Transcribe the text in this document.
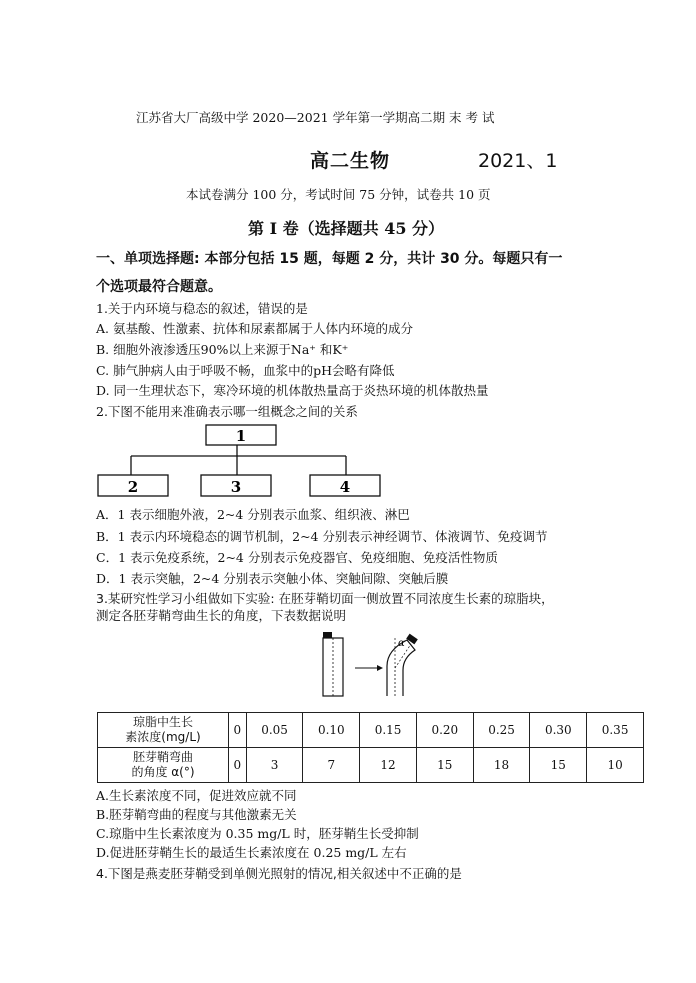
江苏省大厂高级中学 2020—2021 学年第一学期高二期 末 考 试
高二生物	2021、1
本试卷满分 100 分，考试时间 75 分钟，试卷共 10 页
第 I 卷（选择题共 45 分）
一、单项选择题: 本部分包括 15 题，每题 2 分，共计 30 分。每题只有一
个选项最符合题意。
1.关于内环境与稳态的叙述，错误的是
A. 氨基酸、性激素、抗体和尿素都属于人体内环境的成分
B. 细胞外液渗透压90%以上来源于Na⁺ 和K⁺
C. 肺气肿病人由于呼吸不畅，血浆中的pH会略有降低
D. 同一生理状态下，寒冷环境的机体散热量高于炎热环境的机体散热量
2.下图不能用来准确表示哪一组概念之间的关系
1
2	3	4
A．1 表示细胞外液，2~4 分别表示血浆、组织液、淋巴
B．1 表示内环境稳态的调节机制，2~4 分别表示神经调节、体液调节、免疫调节
C．1 表示免疫系统，2~4 分别表示免疫器官、免疫细胞、免疫活性物质
D．1 表示突触，2~4 分别表示突触小体、突触间隙、突触后膜
3.某研究性学习小组做如下实验: 在胚芽鞘切面一侧放置不同浓度生长素的琼脂块，
测定各胚芽鞘弯曲生长的角度，下表数据说明
α
琼脂中生长
素浓度(mg/L)	0	0.05	0.10	0.15	0.20	0.25	0.30	0.35
胚芽鞘弯曲
的角度 α(°)	0	3	7	12	15	18	15	10
A.生长素浓度不同，促进效应就不同
B.胚芽鞘弯曲的程度与其他激素无关
C.琼脂中生长素浓度为 0.35 mg/L 时，胚芽鞘生长受抑制
D.促进胚芽鞘生长的最适生长素浓度在 0.25 mg/L 左右
4.下图是燕麦胚芽鞘受到单侧光照射的情况,相关叙述中不正确的是
